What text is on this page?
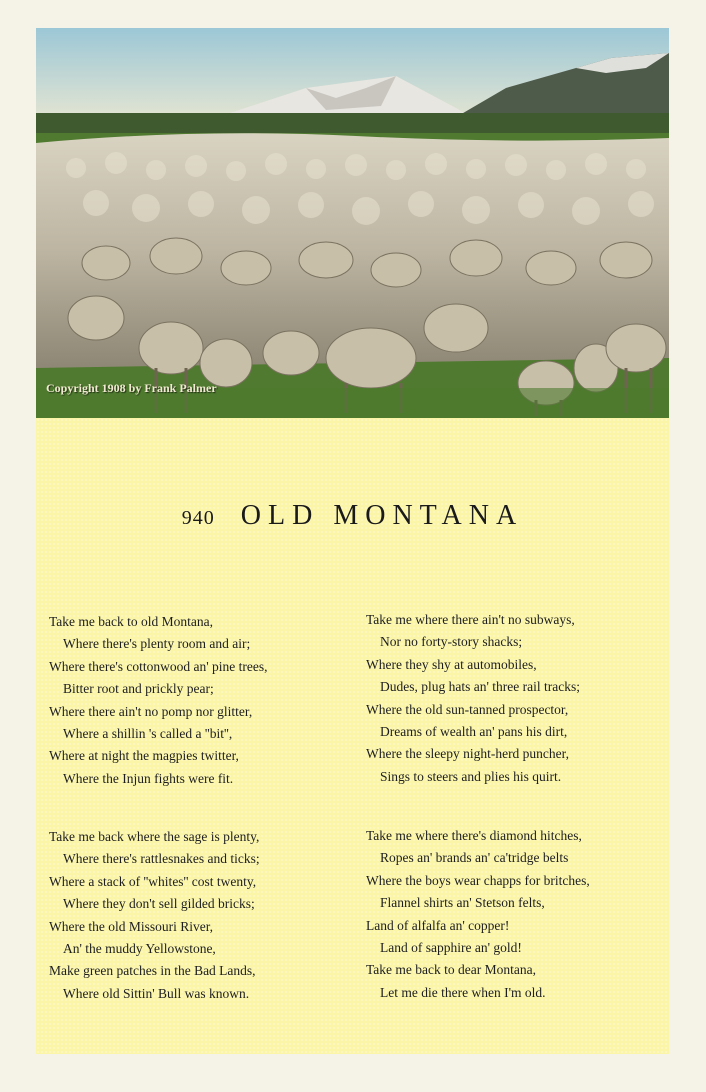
Copyright 1908 by Frank Palmer
940 OLD MONTANA
Take me back to old Montana,
Where there's plenty room and air;
Where there's cottonwood an' pine trees,
Bitter root and prickly pear;
Where there ain't no pomp nor glitter,
Where a shillin 's called a ''bit'',
Where at night the magpies twitter,
Where the Injun fights were fit.
Take me where there ain't no subways,
Nor no forty-story shacks;
Where they shy at automobiles,
Dudes, plug hats an' three rail tracks;
Where the old sun-tanned prospector,
Dreams of wealth an' pans his dirt,
Where the sleepy night-herd puncher,
Sings to steers and plies his quirt.
Take me back where the sage is plenty,
Where there's rattlesnakes and ticks;
Where a stack of ''whites'' cost twenty,
Where they don't sell gilded bricks;
Where the old Missouri River,
An' the muddy Yellowstone,
Make green patches in the Bad Lands,
Where old Sittin' Bull was known.
Take me where there's diamond hitches,
Ropes an' brands an' ca'tridge belts
Where the boys wear chapps for britches,
Flannel shirts an' Stetson felts,
Land of alfalfa an' copper!
Land of sapphire an' gold!
Take me back to dear Montana,
Let me die there when I'm old.
